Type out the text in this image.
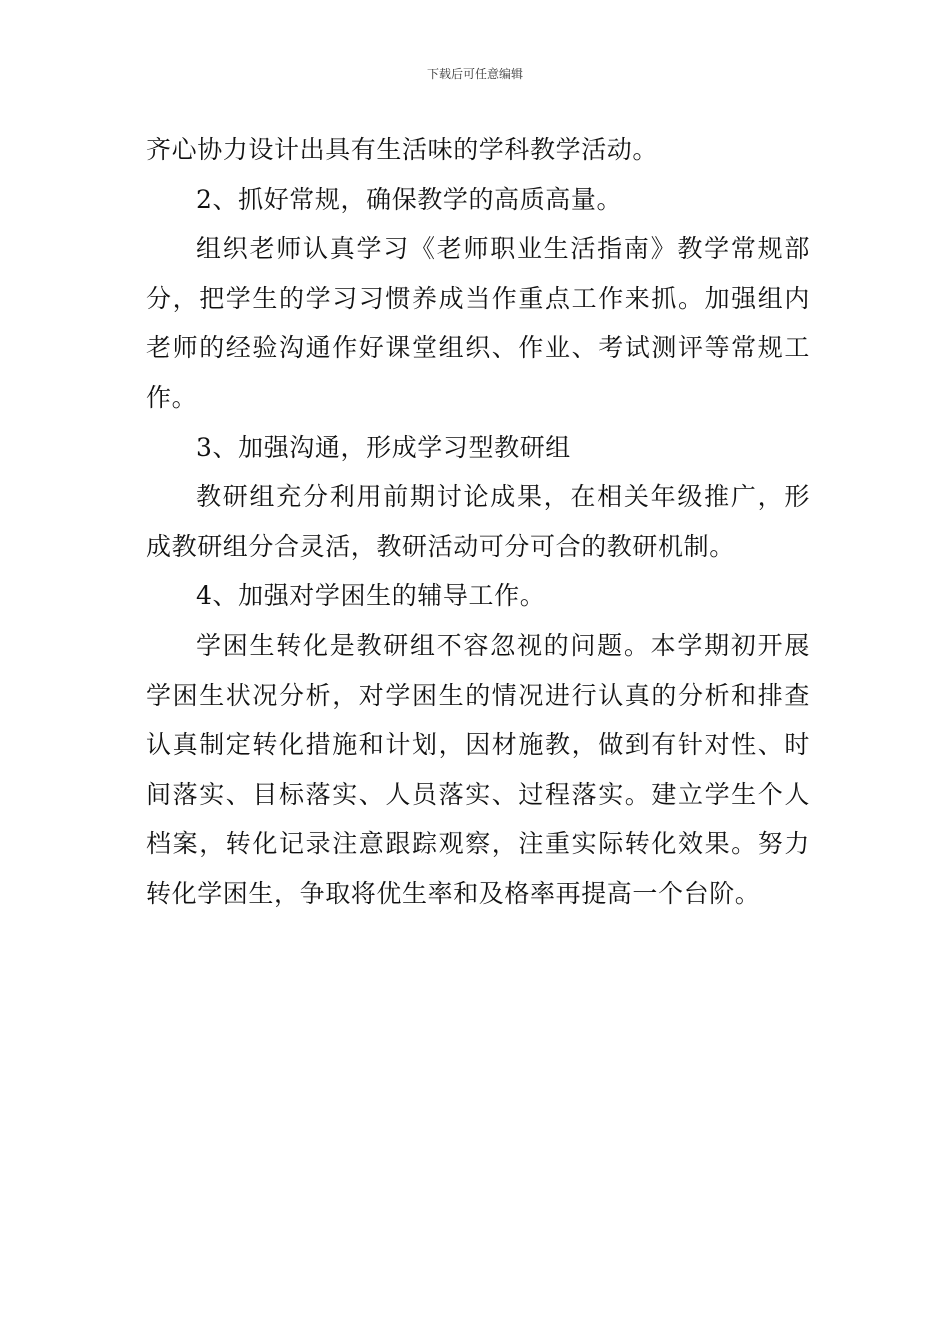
下载后可任意编辑

齐心协力设计出具有生活味的学科教学活动。

2、抓好常规，确保教学的高质高量。

组织老师认真学习《老师职业生活指南》教学常规部分，把学生的学习习惯养成当作重点工作来抓。加强组内老师的经验沟通作好课堂组织、作业、考试测评等常规工作。

3、加强沟通，形成学习型教研组

教研组充分利用前期讨论成果，在相关年级推广，形成教研组分合灵活，教研活动可分可合的教研机制。

4、加强对学困生的辅导工作。

学困生转化是教研组不容忽视的问题。本学期初开展学困生状况分析，对学困生的情况进行认真的分析和排查认真制定转化措施和计划，因材施教，做到有针对性、时间落实、目标落实、人员落实、过程落实。建立学生个人档案，转化记录注意跟踪观察，注重实际转化效果。努力转化学困生，争取将优生率和及格率再提高一个台阶。
